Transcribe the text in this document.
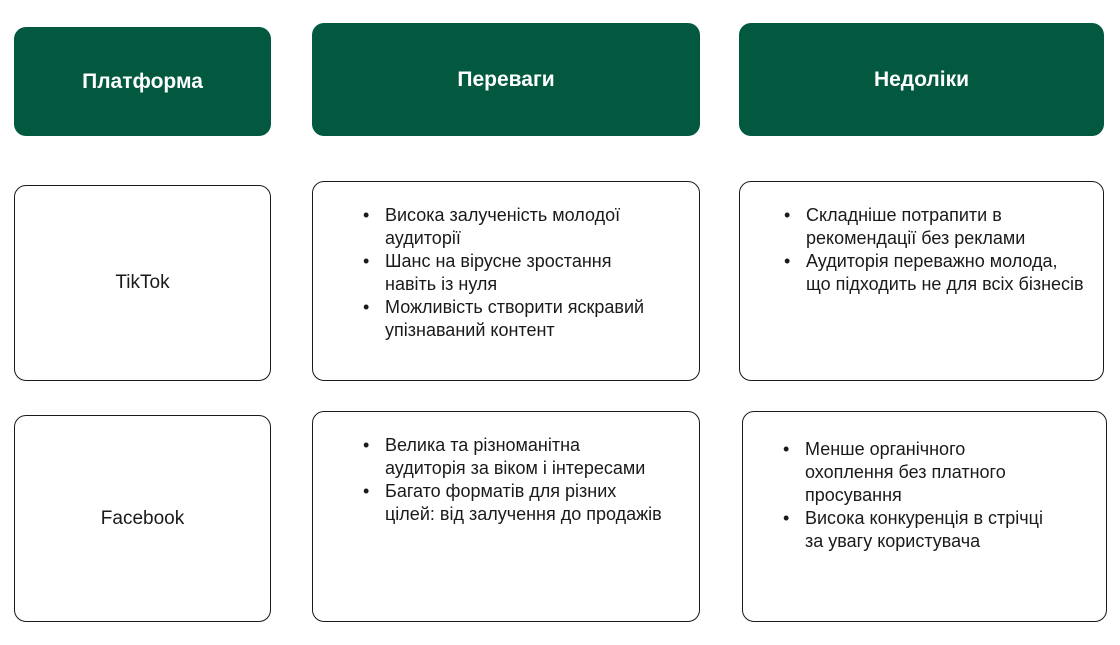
Платформа	Переваги	Недоліки
TikTok
• Висока залученість молодої аудиторії
• Шанс на вірусне зростання навіть із нуля
• Можливість створити яскравий упізнаваний контент
• Складніше потрапити в рекомендації без реклами
• Аудиторія переважно молода, що підходить не для всіх бізнесів
Facebook
• Велика та різноманітна аудиторія за віком і інтересами
• Багато форматів для різних цілей: від залучення до продажів
• Менше органічного охоплення без платного просування
• Висока конкуренція в стрічці за увагу користувача
